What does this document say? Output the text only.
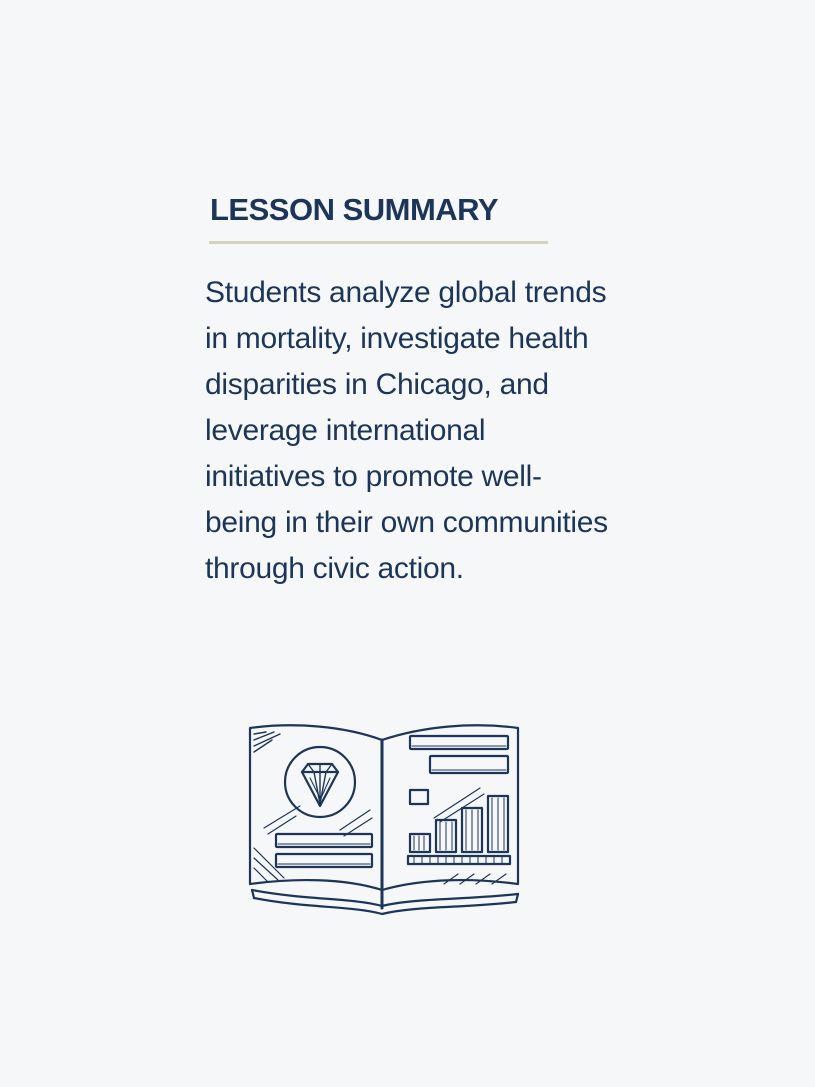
LESSON SUMMARY

Students analyze global trends in mortality, investigate health disparities in Chicago, and leverage international initiatives to promote well-being in their own communities through civic action.
